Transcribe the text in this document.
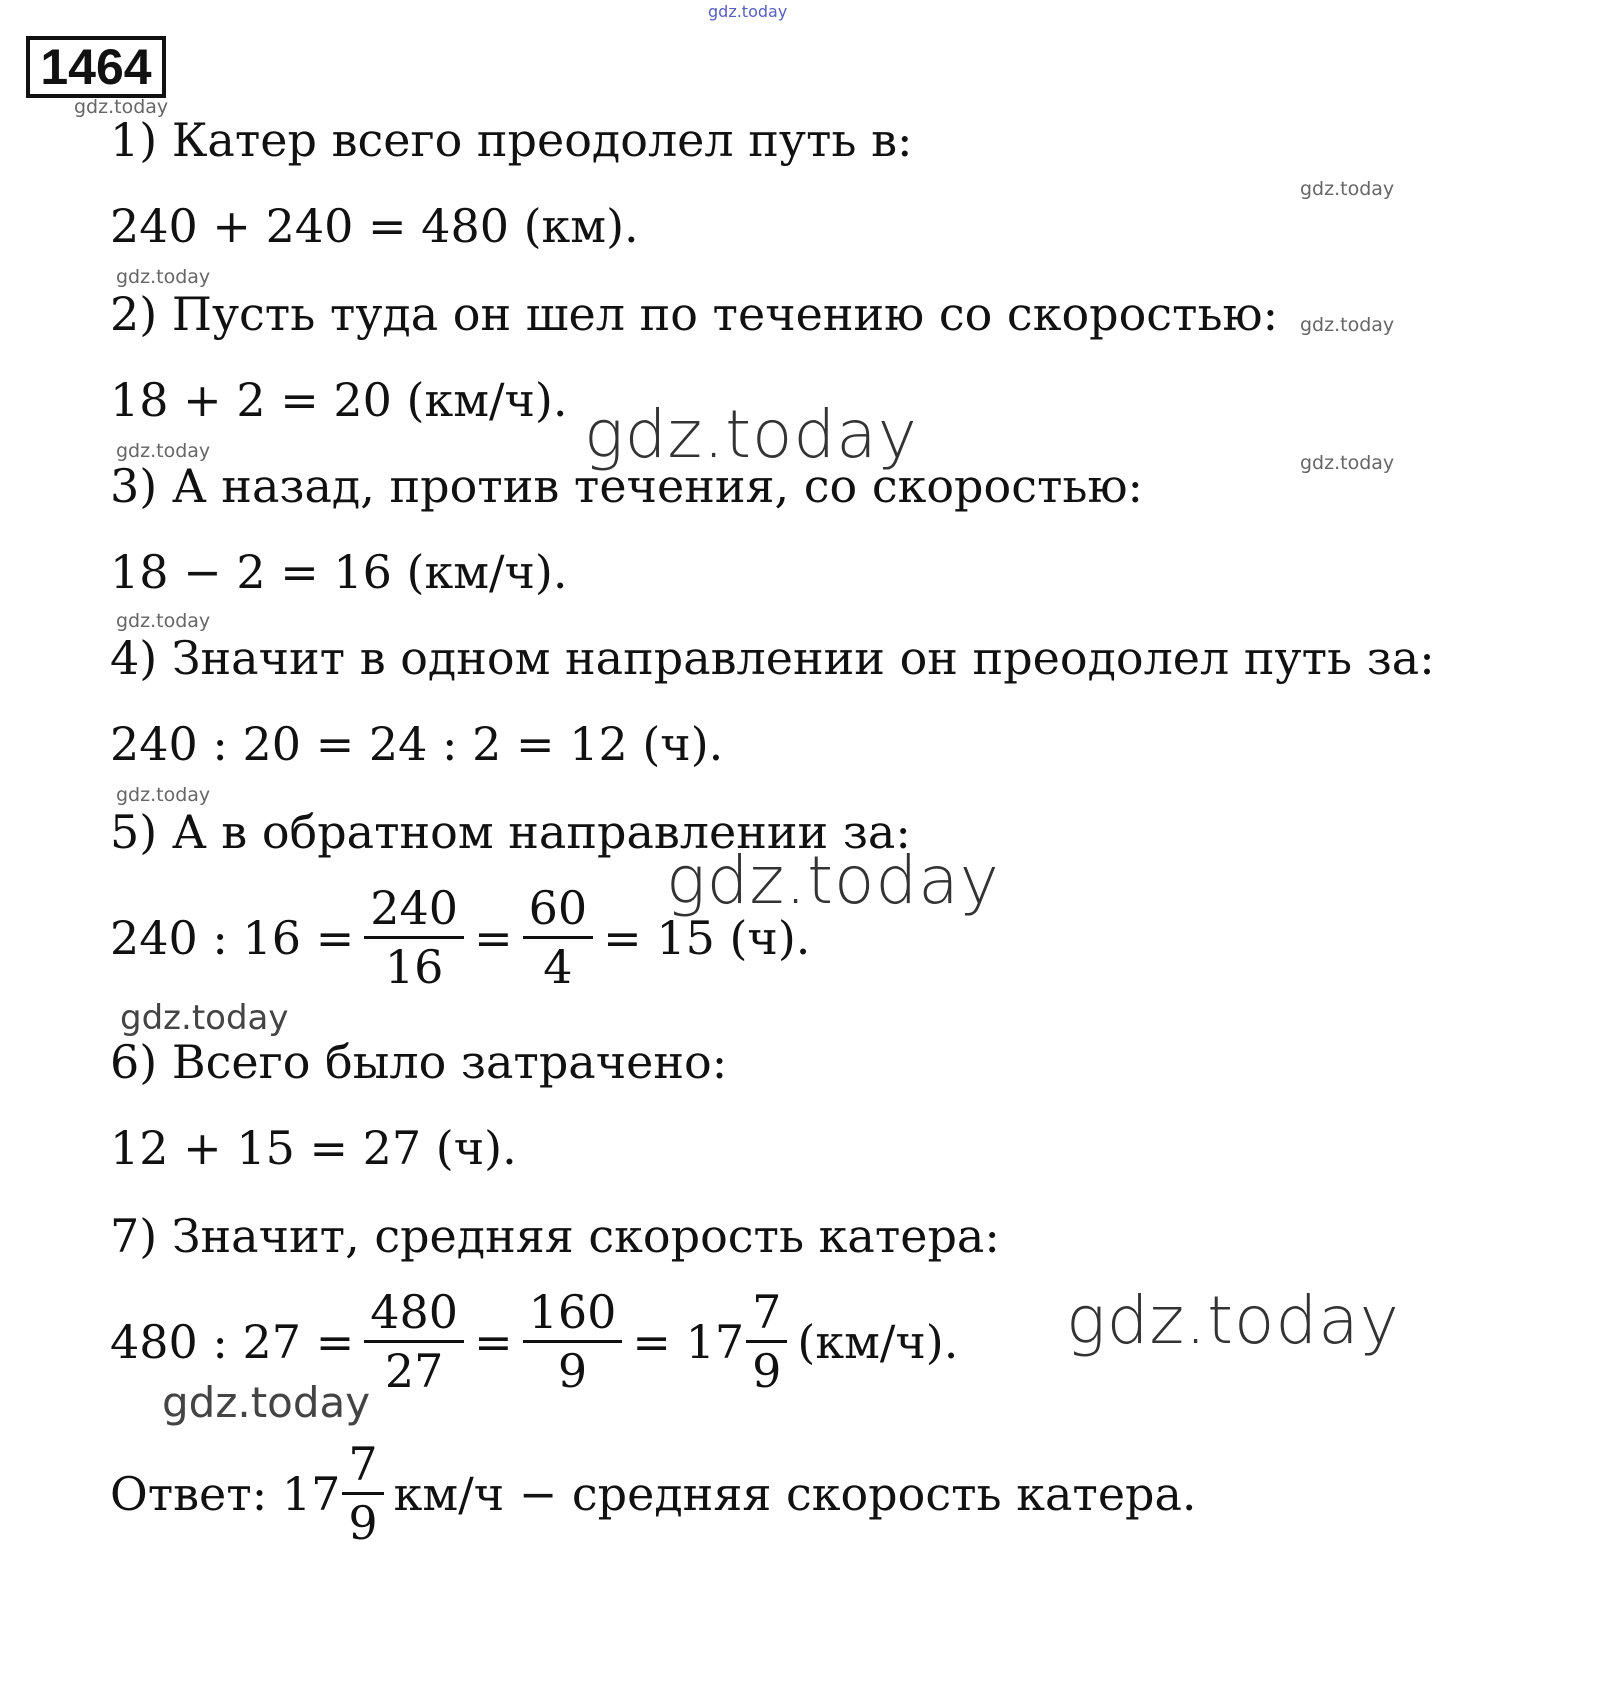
1464
1) Катер всего преодолел путь в:
240 + 240 = 480 (км).
2) Пусть туда он шел по течению со скоростью:
18 + 2 = 20 (км/ч).
3) А назад, против течения, со скоростью:
18 − 2 = 16 (км/ч).
4) Значит в одном направлении он преодолел путь за:
240 : 20 = 24 : 2 = 12 (ч).
5) А в обратном направлении за:
240 : $16 = \frac{240}{16} = \frac{60}{4} = 15$ (ч).
6) Всего было затрачено:
12 + 15 = 27 (ч).
7) Значит, средняя скорость катера:
480 : $27 = \frac{480}{27} = \frac{160}{9} = 17 \frac{7}{9} (км/ч)$.
Ответ: $17 \frac{7}{9} км/ч$ − средняя скорость катера.
gdz.today
gdz.today
gdz.today
gdz.today
gdz.today
gdz.today
gdz.today
gdz.today
gdz.today
gdz.today
gdz.today
gdz.today
gdz.today
gdz.today
